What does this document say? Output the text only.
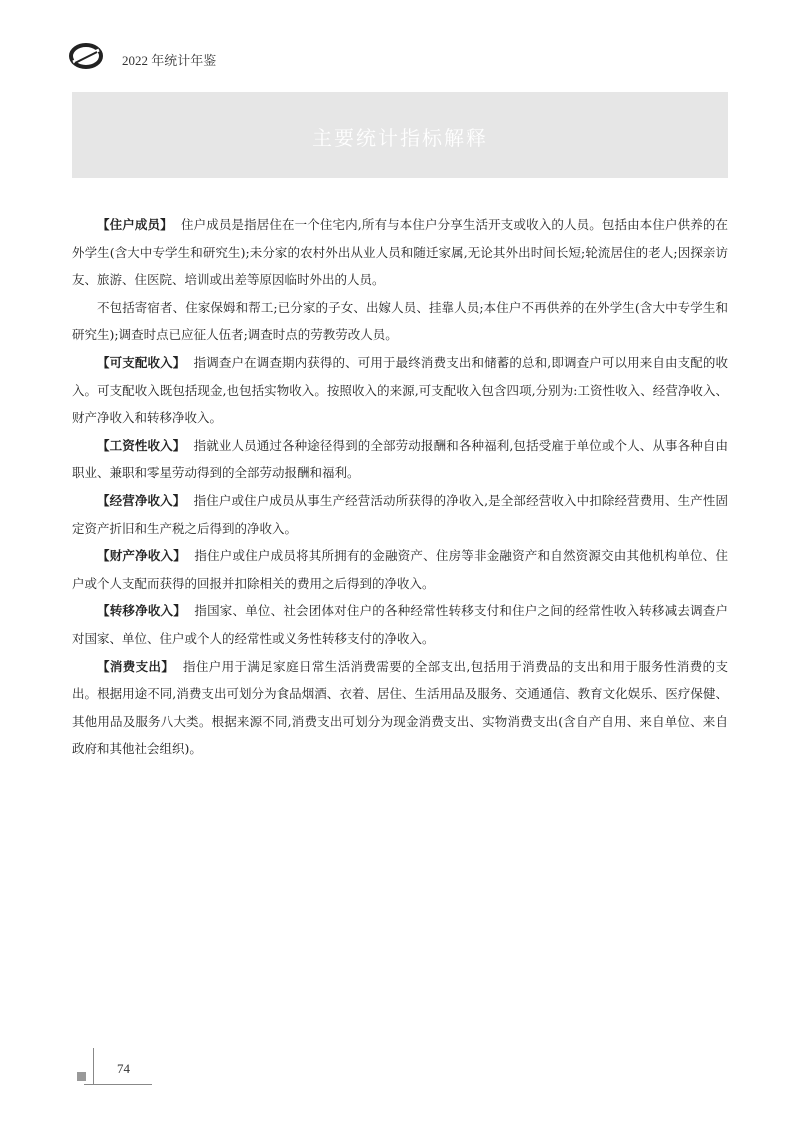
2022 年统计年鉴
主要统计指标解释

【住户成员】 住户成员是指居住在一个住宅内,所有与本住户分享生活开支或收入的人员。包括由本住户供养的在外学生(含大中专学生和研究生);未分家的农村外出从业人员和随迁家属,无论其外出时间长短;轮流居住的老人;因探亲访友、旅游、住医院、培训或出差等原因临时外出的人员。

不包括寄宿者、住家保姆和帮工;已分家的子女、出嫁人员、挂靠人员;本住户不再供养的在外学生(含大中专学生和研究生);调查时点已应征人伍者;调查时点的劳教劳改人员。

【可支配收入】 指调查户在调查期内获得的、可用于最终消费支出和储蓄的总和,即调查户可以用来自由支配的收入。可支配收入既包括现金,也包括实物收入。按照收入的来源,可支配收入包含四项,分别为:工资性收入、经营净收入、财产净收入和转移净收入。

【工资性收入】 指就业人员通过各种途径得到的全部劳动报酬和各种福利,包括受雇于单位或个人、从事各种自由职业、兼职和零星劳动得到的全部劳动报酬和福利。

【经营净收入】 指住户或住户成员从事生产经营活动所获得的净收入,是全部经营收入中扣除经营费用、生产性固定资产折旧和生产税之后得到的净收入。

【财产净收入】 指住户或住户成员将其所拥有的金融资产、住房等非金融资产和自然资源交由其他机构单位、住户或个人支配而获得的回报并扣除相关的费用之后得到的净收入。

【转移净收入】 指国家、单位、社会团体对住户的各种经常性转移支付和住户之间的经常性收入转移减去调查户对国家、单位、住户或个人的经常性或义务性转移支付的净收入。

【消费支出】 指住户用于满足家庭日常生活消费需要的全部支出,包括用于消费品的支出和用于服务性消费的支出。根据用途不同,消费支出可划分为食品烟酒、衣着、居住、生活用品及服务、交通通信、教育文化娱乐、医疗保健、其他用品及服务八大类。根据来源不同,消费支出可划分为现金消费支出、实物消费支出(含自产自用、来自单位、来自政府和其他社会组织)。

74
